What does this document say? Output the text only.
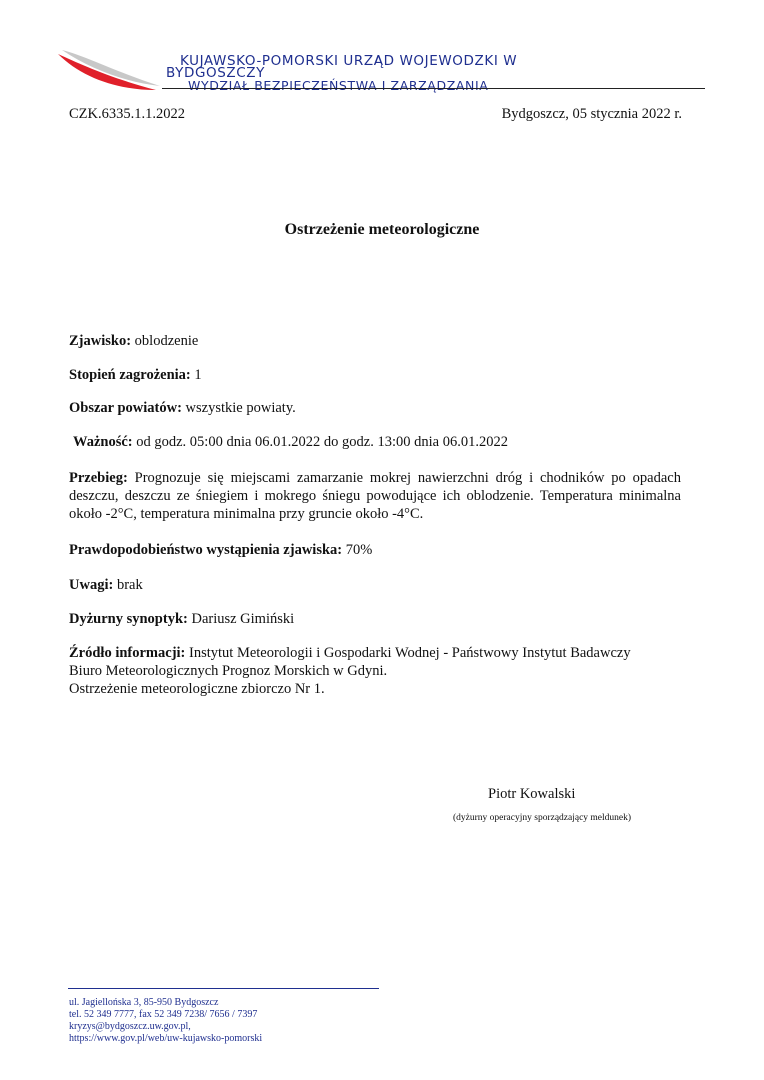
KUJAWSKO-POMORSKI URZĄD WOJEWODZKI W
BYDGOSZCZY
WYDZIAŁ BEZPIECZEŃSTWA I ZARZĄDZANIA
CZK.6335.1.1.2022	Bydgoszcz, 05 stycznia 2022 r.
Ostrzeżenie meteorologiczne
Zjawisko: oblodzenie
Stopień zagrożenia: 1
Obszar powiatów: wszystkie powiaty.
Ważność: od godz. 05:00 dnia 06.01.2022 do godz. 13:00 dnia 06.01.2022
Przebieg: Prognozuje się miejscami zamarzanie mokrej nawierzchni dróg i chodników po opadach deszczu, deszczu ze śniegiem i mokrego śniegu powodujące ich oblodzenie. Temperatura minimalna około -2°C, temperatura minimalna przy gruncie około -4°C.
Prawdopodobieństwo wystąpienia zjawiska: 70%
Uwagi: brak
Dyżurny synoptyk: Dariusz Gimiński
Źródło informacji: Instytut Meteorologii i Gospodarki Wodnej - Państwowy Instytut Badawczy
Biuro Meteorologicznych Prognoz Morskich w Gdyni.
Ostrzeżenie meteorologiczne zbiorczo Nr 1.
Piotr Kowalski
(dyżurny operacyjny sporządzający meldunek)
ul. Jagiellońska 3, 85-950 Bydgoszcz
tel. 52 349 7777, fax 52 349 7238/ 7656 / 7397
kryzys@bydgoszcz.uw.gov.pl,
https://www.gov.pl/web/uw-kujawsko-pomorski
